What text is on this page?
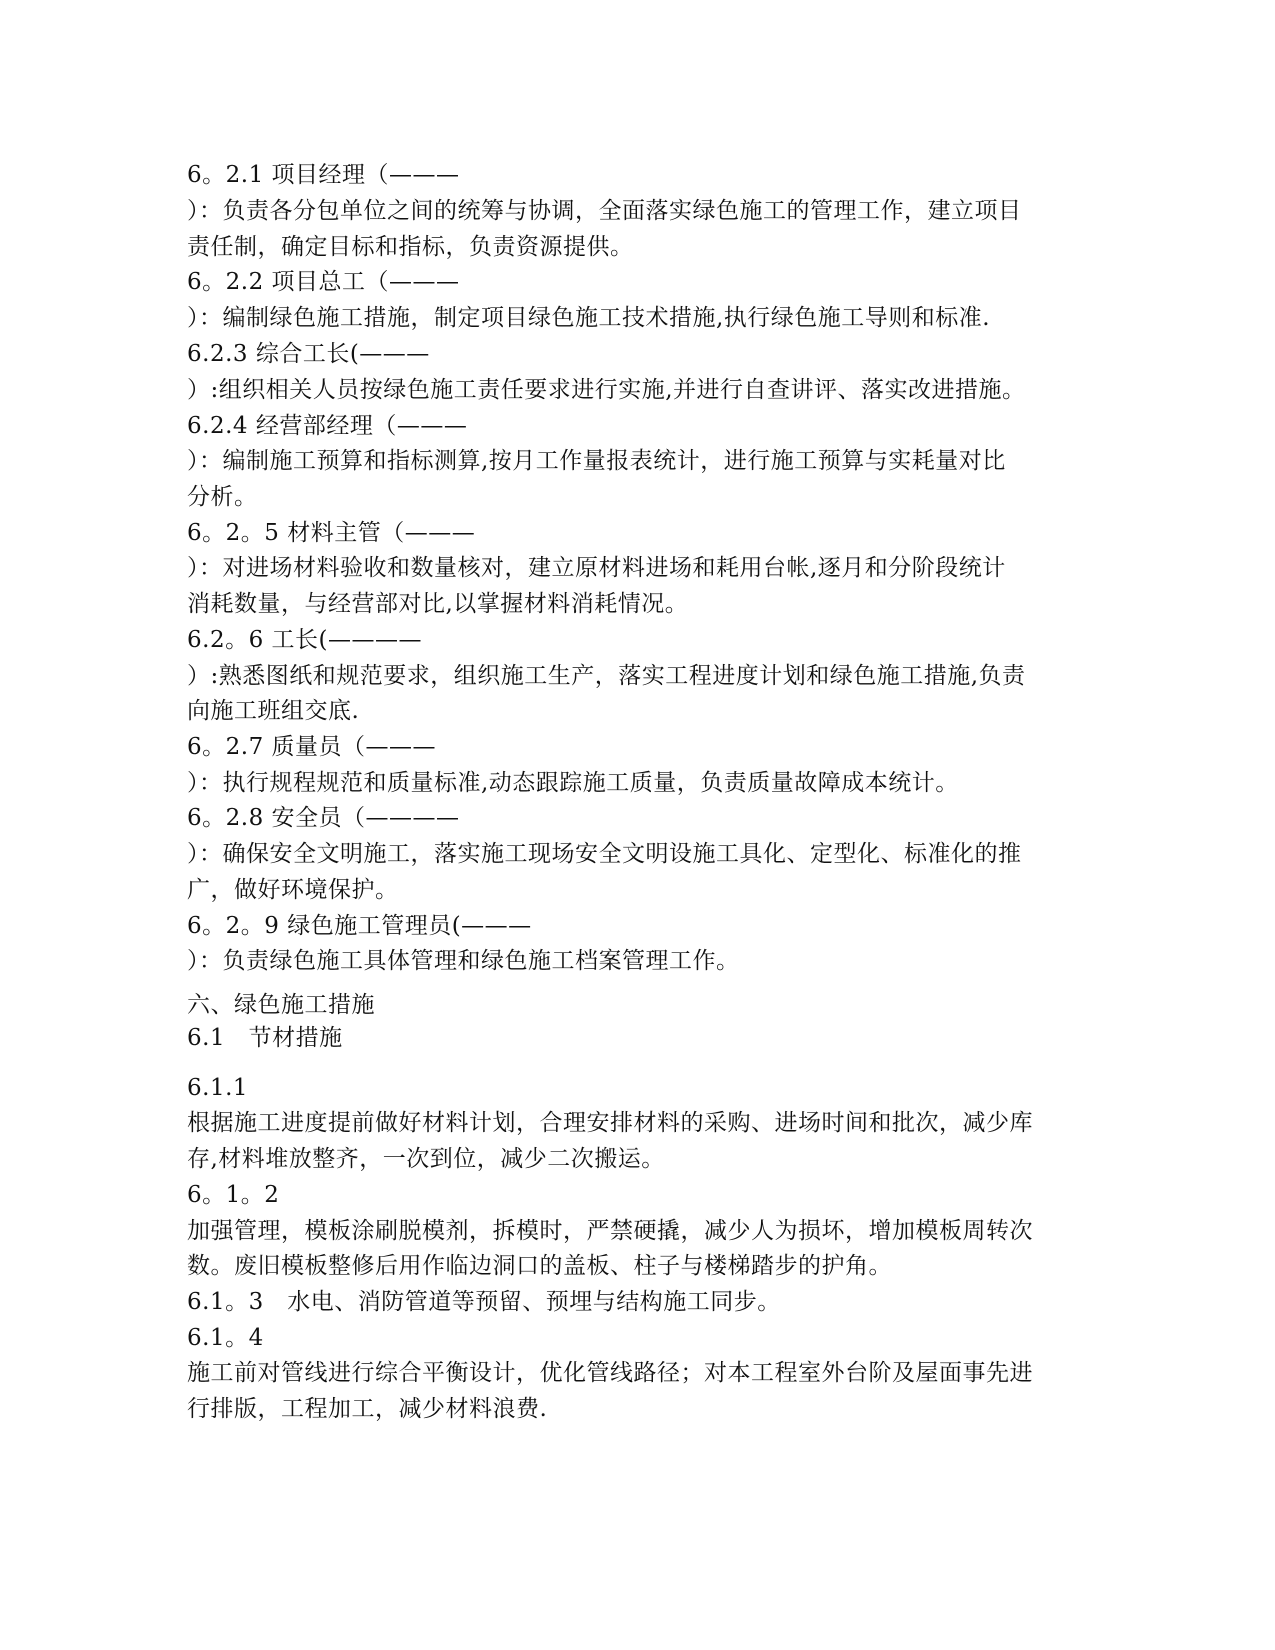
6。2.1 项目经理（———
）：负责各分包单位之间的统筹与协调，全面落实绿色施工的管理工作，建立项目
责任制，确定目标和指标，负责资源提供。
6。2.2 项目总工（———
）：编制绿色施工措施，制定项目绿色施工技术措施,执行绿色施工导则和标准.
6.2.3 综合工长(———
）:组织相关人员按绿色施工责任要求进行实施,并进行自查讲评、落实改进措施。
6.2.4 经营部经理（———
）：编制施工预算和指标测算,按月工作量报表统计，进行施工预算与实耗量对比
分析。
6。2。5 材料主管（———
）：对进场材料验收和数量核对，建立原材料进场和耗用台帐,逐月和分阶段统计
消耗数量，与经营部对比,以掌握材料消耗情况。
6.2。6 工长(————
）:熟悉图纸和规范要求，组织施工生产，落实工程进度计划和绿色施工措施,负责
向施工班组交底.
6。2.7 质量员（———
）：执行规程规范和质量标准,动态跟踪施工质量，负责质量故障成本统计。
6。2.8 安全员（————
）：确保安全文明施工，落实施工现场安全文明设施工具化、定型化、标准化的推
广，做好环境保护。
6。2。9 绿色施工管理员(———
）：负责绿色施工具体管理和绿色施工档案管理工作。
六、绿色施工措施
6.1　节材措施
6.1.1
根据施工进度提前做好材料计划，合理安排材料的采购、进场时间和批次，减少库
存,材料堆放整齐，一次到位，减少二次搬运。
6。1。2
加强管理，模板涂刷脱模剂，拆模时，严禁硬撬，减少人为损坏，增加模板周转次
数。废旧模板整修后用作临边洞口的盖板、柱子与楼梯踏步的护角。
6.1。3　水电、消防管道等预留、预埋与结构施工同步。
6.1。4
施工前对管线进行综合平衡设计，优化管线路径；对本工程室外台阶及屋面事先进
行排版，工程加工，减少材料浪费.
